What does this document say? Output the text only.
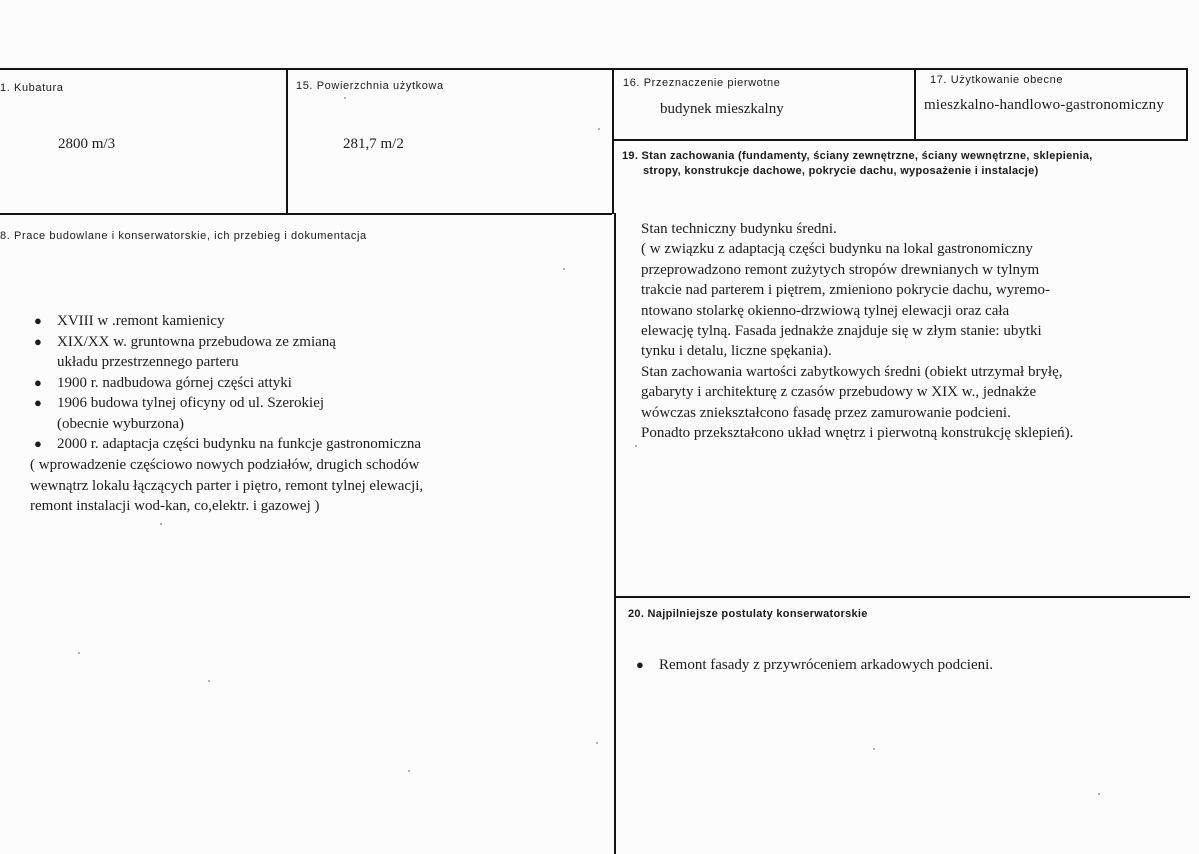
1. Kubatura
2800 m/3
15. Powierzchnia użytkowa
281,7 m/2
16. Przeznaczenie pierwotne
budynek mieszkalny
17. Użytkowanie obecne
mieszkalno-handlowo-gastronomiczny
19. Stan zachowania (fundamenty, ściany zewnętrzne, ściany wewnętrzne, sklepienia,
stropy, konstrukcje dachowe, pokrycie dachu, wyposażenie i instalacje)
Stan techniczny budynku średni.
( w związku z adaptacją części budynku na lokal gastronomiczny
przeprowadzono remont zużytych stropów drewnianych w tylnym
trakcie nad parterem i piętrem, zmieniono pokrycie dachu, wyremo-
ntowano stolarkę okienno-drzwiową tylnej elewacji oraz cała
elewację tylną. Fasada jednakże znajduje się w złym stanie: ubytki
tynku i detalu, liczne spękania).
Stan zachowania wartości zabytkowych średni (obiekt utrzymał bryłę,
gabaryty i architekturę z czasów przebudowy w XIX w., jednakże
wówczas zniekształcono fasadę przez zamurowanie podcieni.
Ponadto przekształcono układ wnętrz i pierwotną konstrukcję sklepień).
8. Prace budowlane i konserwatorskie, ich przebieg i dokumentacja
● XVIII w .remont kamienicy
● XIX/XX w. gruntowna przebudowa ze zmianą
układu przestrzennego parteru
● 1900 r. nadbudowa górnej części attyki
● 1906 budowa tylnej oficyny od ul. Szerokiej
(obecnie wyburzona)
● 2000 r. adaptacja części budynku na funkcje gastronomiczna
( wprowadzenie częściowo nowych podziałów, drugich schodów
wewnątrz lokalu łączących parter i piętro, remont tylnej elewacji,
remont instalacji wod-kan, co,elektr. i gazowej )
20. Najpilniejsze postulaty konserwatorskie
● Remont fasady z przywróceniem arkadowych podcieni.
